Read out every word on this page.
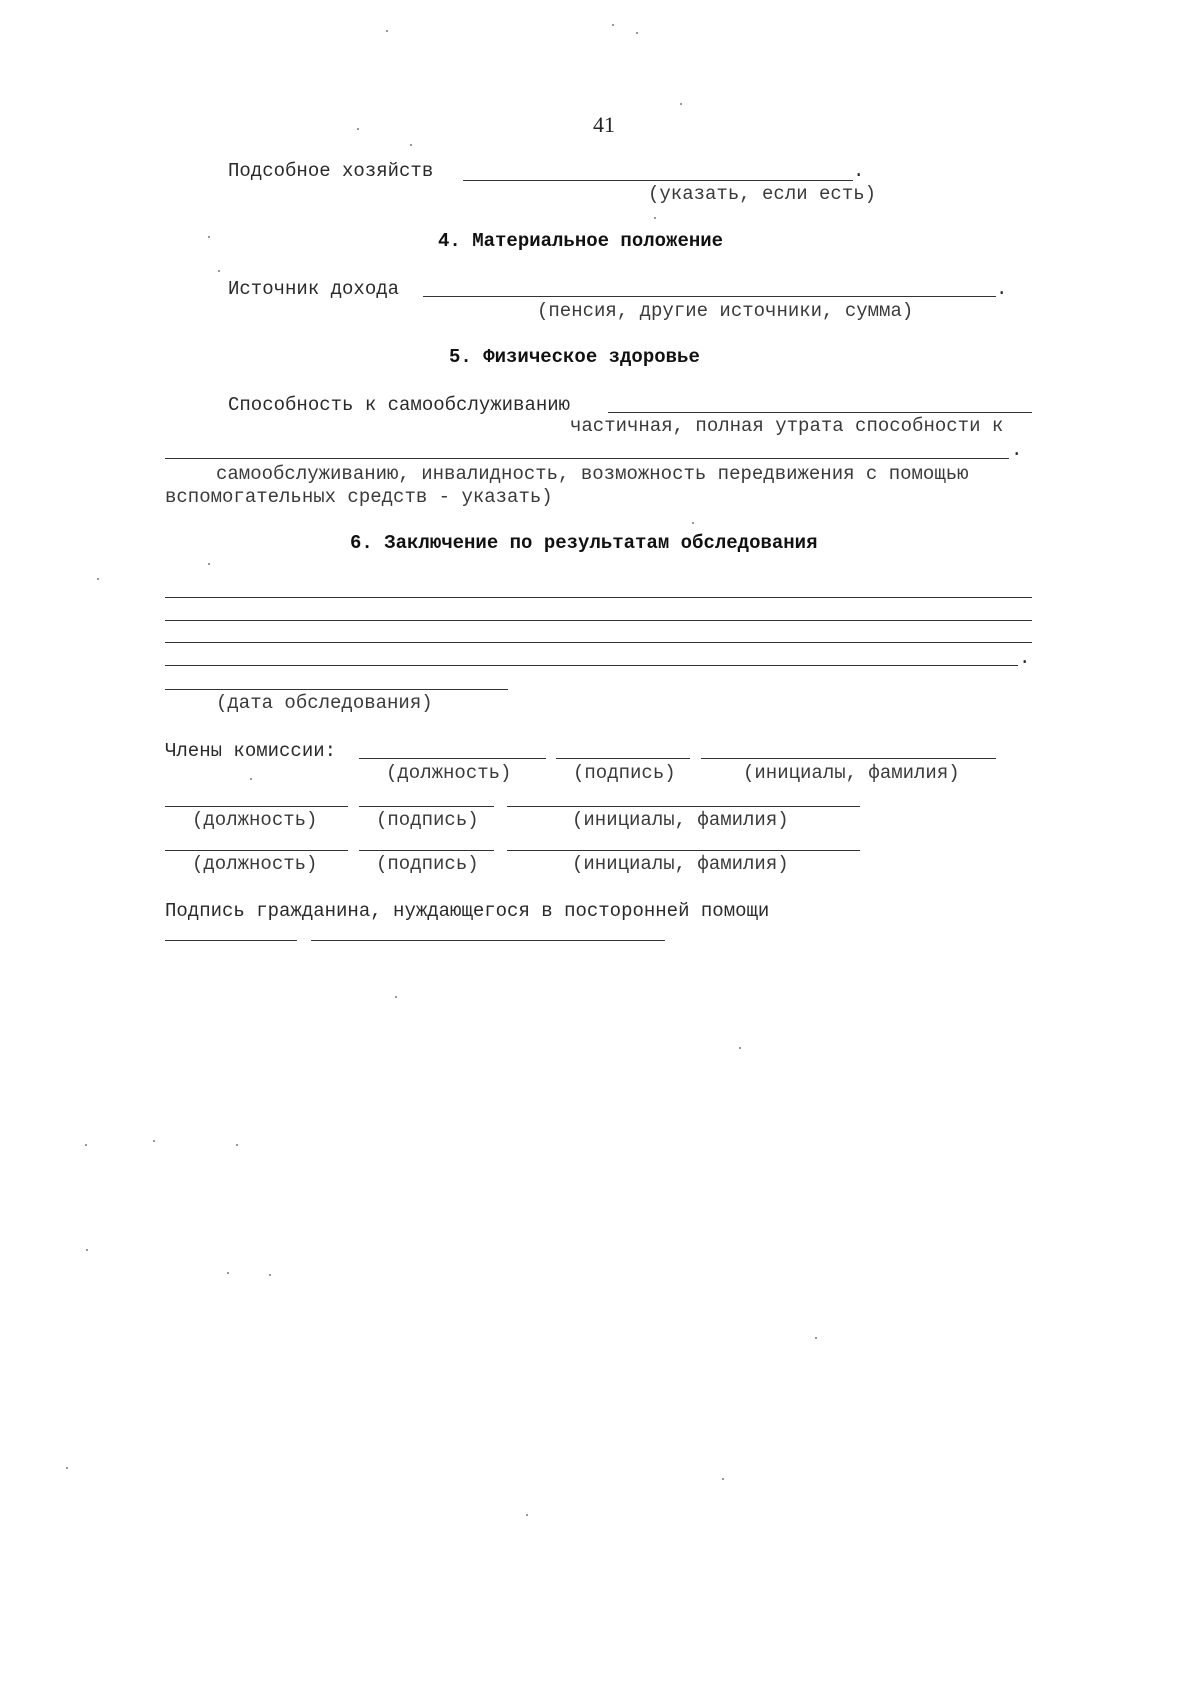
41
Подсобное хозяйств	.
(указать, если есть)
4. Материальное положение
Источник дохода	.
(пенсия, другие источники, сумма)
5. Физическое здоровье
Способность к самообслуживанию
частичная, полная утрата способности к
.
самообслуживанию, инвалидность, возможность передвижения с помощью
вспомогательных средств - указать)
6. Заключение по результатам обследования
.
(дата обследования)
Члены комиссии:
(должность)	(подпись)	(инициалы, фамилия)
(должность)	(подпись)	(инициалы, фамилия)
(должность)	(подпись)	(инициалы, фамилия)
Подпись гражданина, нуждающегося в посторонней помощи
